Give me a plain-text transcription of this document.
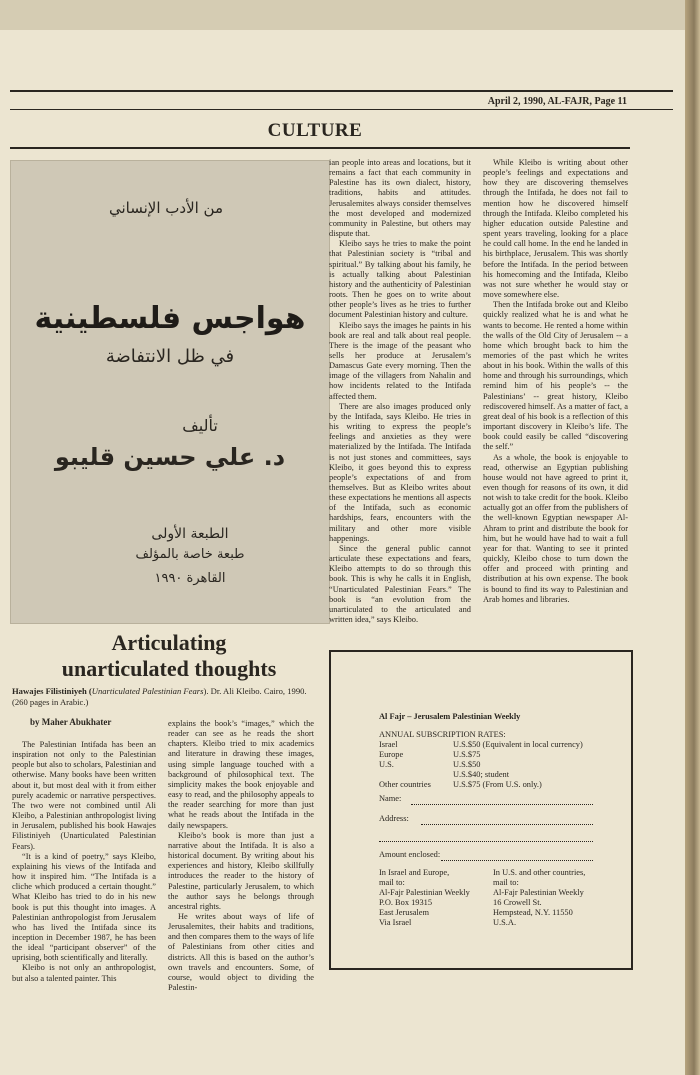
April 2, 1990, AL-FAJR, Page 11
CULTURE
من الأدب الإنساني
هواجس فلسطينية
في ظل الانتفاضة
تأليف
د. علي حسين قليبو
الطبعة الأولى
طبعة خاصة بالمؤلف
القاهرة ١٩٩٠
Articulating
unarticulated thoughts
Hawajes Filistiniyeh (Unarticulated Palestinian Fears). Dr. Ali Kleibo. Cairo, 1990. (260 pages in Arabic.)
by Maher Abukhater

The Palestinian Intifada has been an inspiration not only to the Palestinian people but also to scholars, Palestinian and otherwise. Many books have been written about it, but most deal with it from either purely academic or narrative perspectives. The two were not combined until Ali Kleibo, a Palestinian anthropologist living in Jerusalem, published his book Hawajes Filistiniyeh (Unarticulated Palestinian Fears).

“It is a kind of poetry,” says Kleibo, explaining his views of the Intifada and how it inspired him. “The Intifada is a cliche which produced a certain thought.” What Kleibo has tried to do in his new book is put this thought into images. A Palestinian anthropologist from Jerusalem who has lived the Intifada since its inception in December 1987, he has been the ideal “participant observer” of the uprising, both scientifically and literally.

Kleibo is not only an anthropologist, but also a talented painter. This

explains the book’s “images,” which the reader can see as he reads the short chapters. Kleibo tried to mix academics and literature in drawing these images, using simple language touched with a background of philosophical text. The simplicity makes the book enjoyable and easy to read, and the philosophy appeals to the reader searching for more than just what he reads about the Intifada in the daily newspapers.

Kleibo’s book is more than just a narrative about the Intifada. It is also a historical document. By writing about his experiences and history, Kleibo skillfully introduces the reader to the history of Palestine, particularly Jerusalem, to which the author says he belongs through ancestral rights.

He writes about ways of life of Jerusalemites, their habits and traditions, and then compares them to the ways of life of Palestinians from other cities and districts. All this is based on the author’s own travels and encounters. Some, of course, would object to dividing the Palestin-

ian people into areas and locations, but it remains a fact that each community in Palestine has its own dialect, history, traditions, habits and attitudes. Jerusalemites always consider themselves the most developed and modernized community in Palestine, but others may dispute that.

Kleibo says he tries to make the point that Palestinian society is “tribal and spiritual.” By talking about his family, he is actually talking about Palestinian history and the authenticity of Palestinian roots. Then he goes on to write about other people’s lives as he tries to further document Palestinian history and culture.

Kleibo says the images he paints in his book are real and talk about real people. There is the image of the peasant who sells her produce at Jerusalem’s Damascus Gate every morning. Then the image of the villagers from Nahalin and how incidents related to the Intifada affected them.

There are also images produced only by the Intifada, says Kleibo. He tries in his writing to express the people’s feelings and anxieties as they were materialized by the Intifada. The Intifada is not just stones and committees, says Kleibo, it goes beyond this to express people’s expectations of and from themselves. But as Kleibo writes about these expectations he mentions all aspects of the Intifada, such as economic hardships, fears, encounters with the military and other more visible happenings.

Since the general public cannot articulate these expectations and fears, Kleibo attempts to do so through this book. This is why he calls it in English, “Unarticulated Palestinian Fears.” The book is “an evolution from the unarticulated to the articulated and written idea,” says Kleibo.

While Kleibo is writing about other people’s feelings and expectations and how they are discovering themselves through the Intifada, he does not fail to mention how he discovered himself through the Intifada. Kleibo completed his higher education outside Palestine and spent years traveling, looking for a place he could call home. In the end he landed in his birthplace, Jerusalem. This was shortly before the Intifada. In the period between his homecoming and the Intifada, Kleibo was not sure whether he would stay or move somewhere else.

Then the Intifada broke out and Kleibo quickly realized what he is and what he wants to become. He rented a home within the walls of the Old City of Jerusalem -- a home which brought back to him the memories of the past which he writes about in his book. Within the walls of this home and through his surroundings, which remind him of his people’s -- the Palestinians’ -- great history, Kleibo rediscovered himself. As a matter of fact, a great deal of his book is a reflection of this important discovery in Kleibo’s life. The book could easily be called “discovering the self.”

As a whole, the book is enjoyable to read, otherwise an Egyptian publishing house would not have agreed to print it, even though for reasons of its own, it did not wish to take credit for the book. Kleibo actually got an offer from the publishers of the well-known Egyptian newspaper Al-Ahram to print and distribute the book for him, but he would have had to wait a full year for that. Wanting to see it printed quickly, Kleibo chose to turn down the offer and proceed with printing and distribution at his own expense. The book is bound to find its way to Palestinian and Arab homes and libraries.

Al Fajr – Jerusalem Palestinian Weekly
ANNUAL SUBSCRIPTION RATES:
Israel	U.S.$50 (Equivalent in local currency)
Europe	U.S.$75
U.S.	U.S.$50
U.S.$40; student
Other countries	U.S.$75 (From U.S. only.)
Name:
Address:
Amount enclosed:
In Israel and Europe,
mail to:
Al-Fajr Palestinian Weekly
P.O. Box 19315
East Jerusalem
Via Israel
In U.S. and other countries,
mail to:
Al-Fajr Palestinian Weekly
16 Crowell St.
Hempstead, N.Y. 11550
U.S.A.
